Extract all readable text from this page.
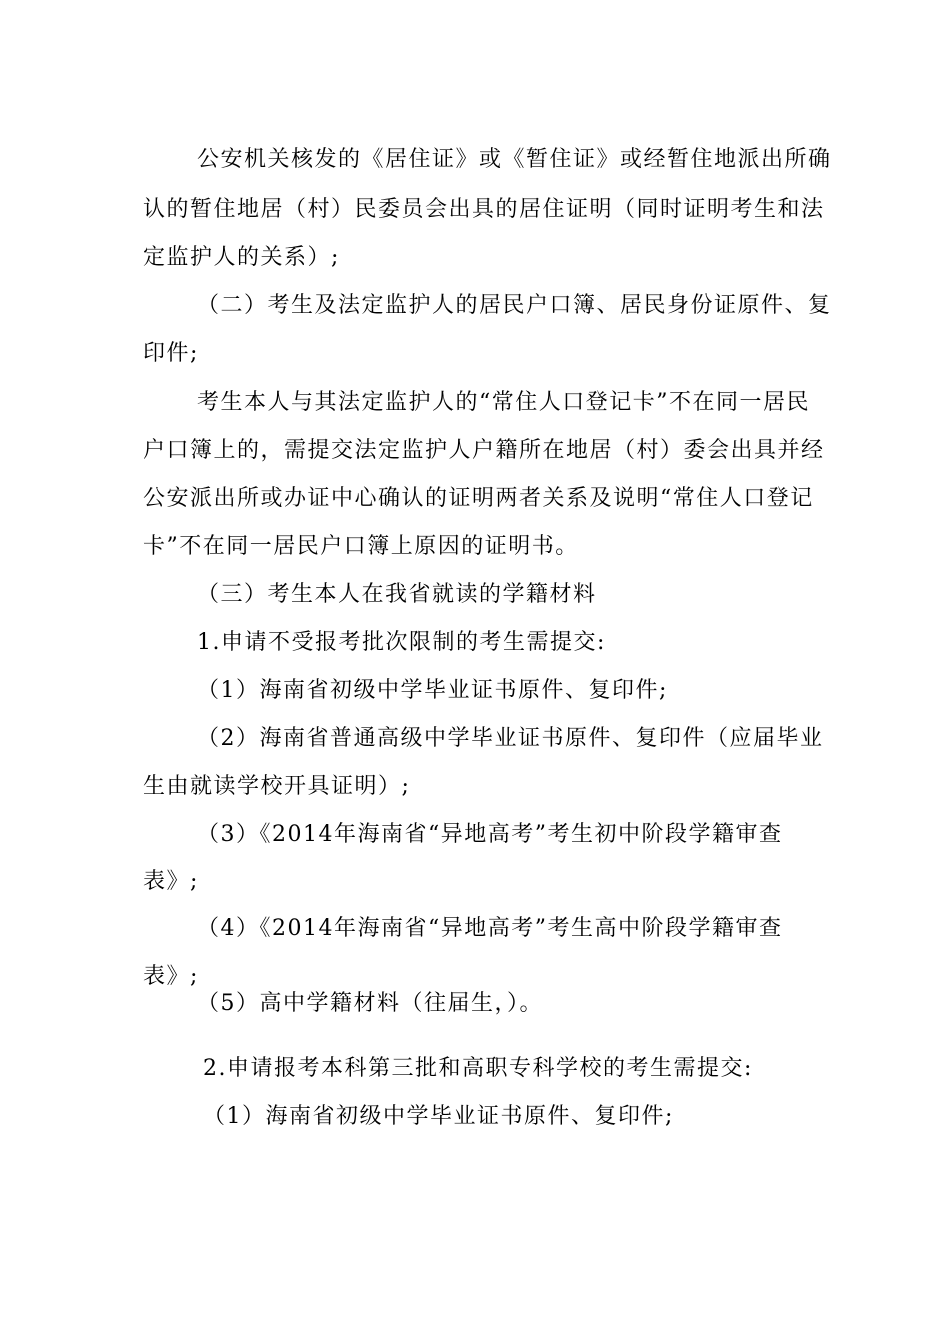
公安机关核发的《居住证》或《暂住证》或经暂住地派出所确
认的暂住地居（村）民委员会出具的居住证明（同时证明考生和法
定监护人的关系）;
（二）考生及法定监护人的居民户口簿、居民身份证原件、复
印件;
考生本人与其法定监护人的“常住人口登记卡”不在同一居民
户口簿上的，需提交法定监护人户籍所在地居（村）委会出具并经
公安派出所或办证中心确认的证明两者关系及说明“常住人口登记
卡”不在同一居民户口簿上原因的证明书。
（三）考生本人在我省就读的学籍材料
1.申请不受报考批次限制的考生需提交:
（1）海南省初级中学毕业证书原件、复印件;
（2）海南省普通高级中学毕业证书原件、复印件（应届毕业
生由就读学校开具证明）;
（3）《2014年海南省“异地高考”考生初中阶段学籍审查
表》;
（4）《2014年海南省“异地高考”考生高中阶段学籍审查
表》;
（5）高中学籍材料（往届生，）。
2.申请报考本科第三批和高职专科学校的考生需提交:
（1）海南省初级中学毕业证书原件、复印件;
